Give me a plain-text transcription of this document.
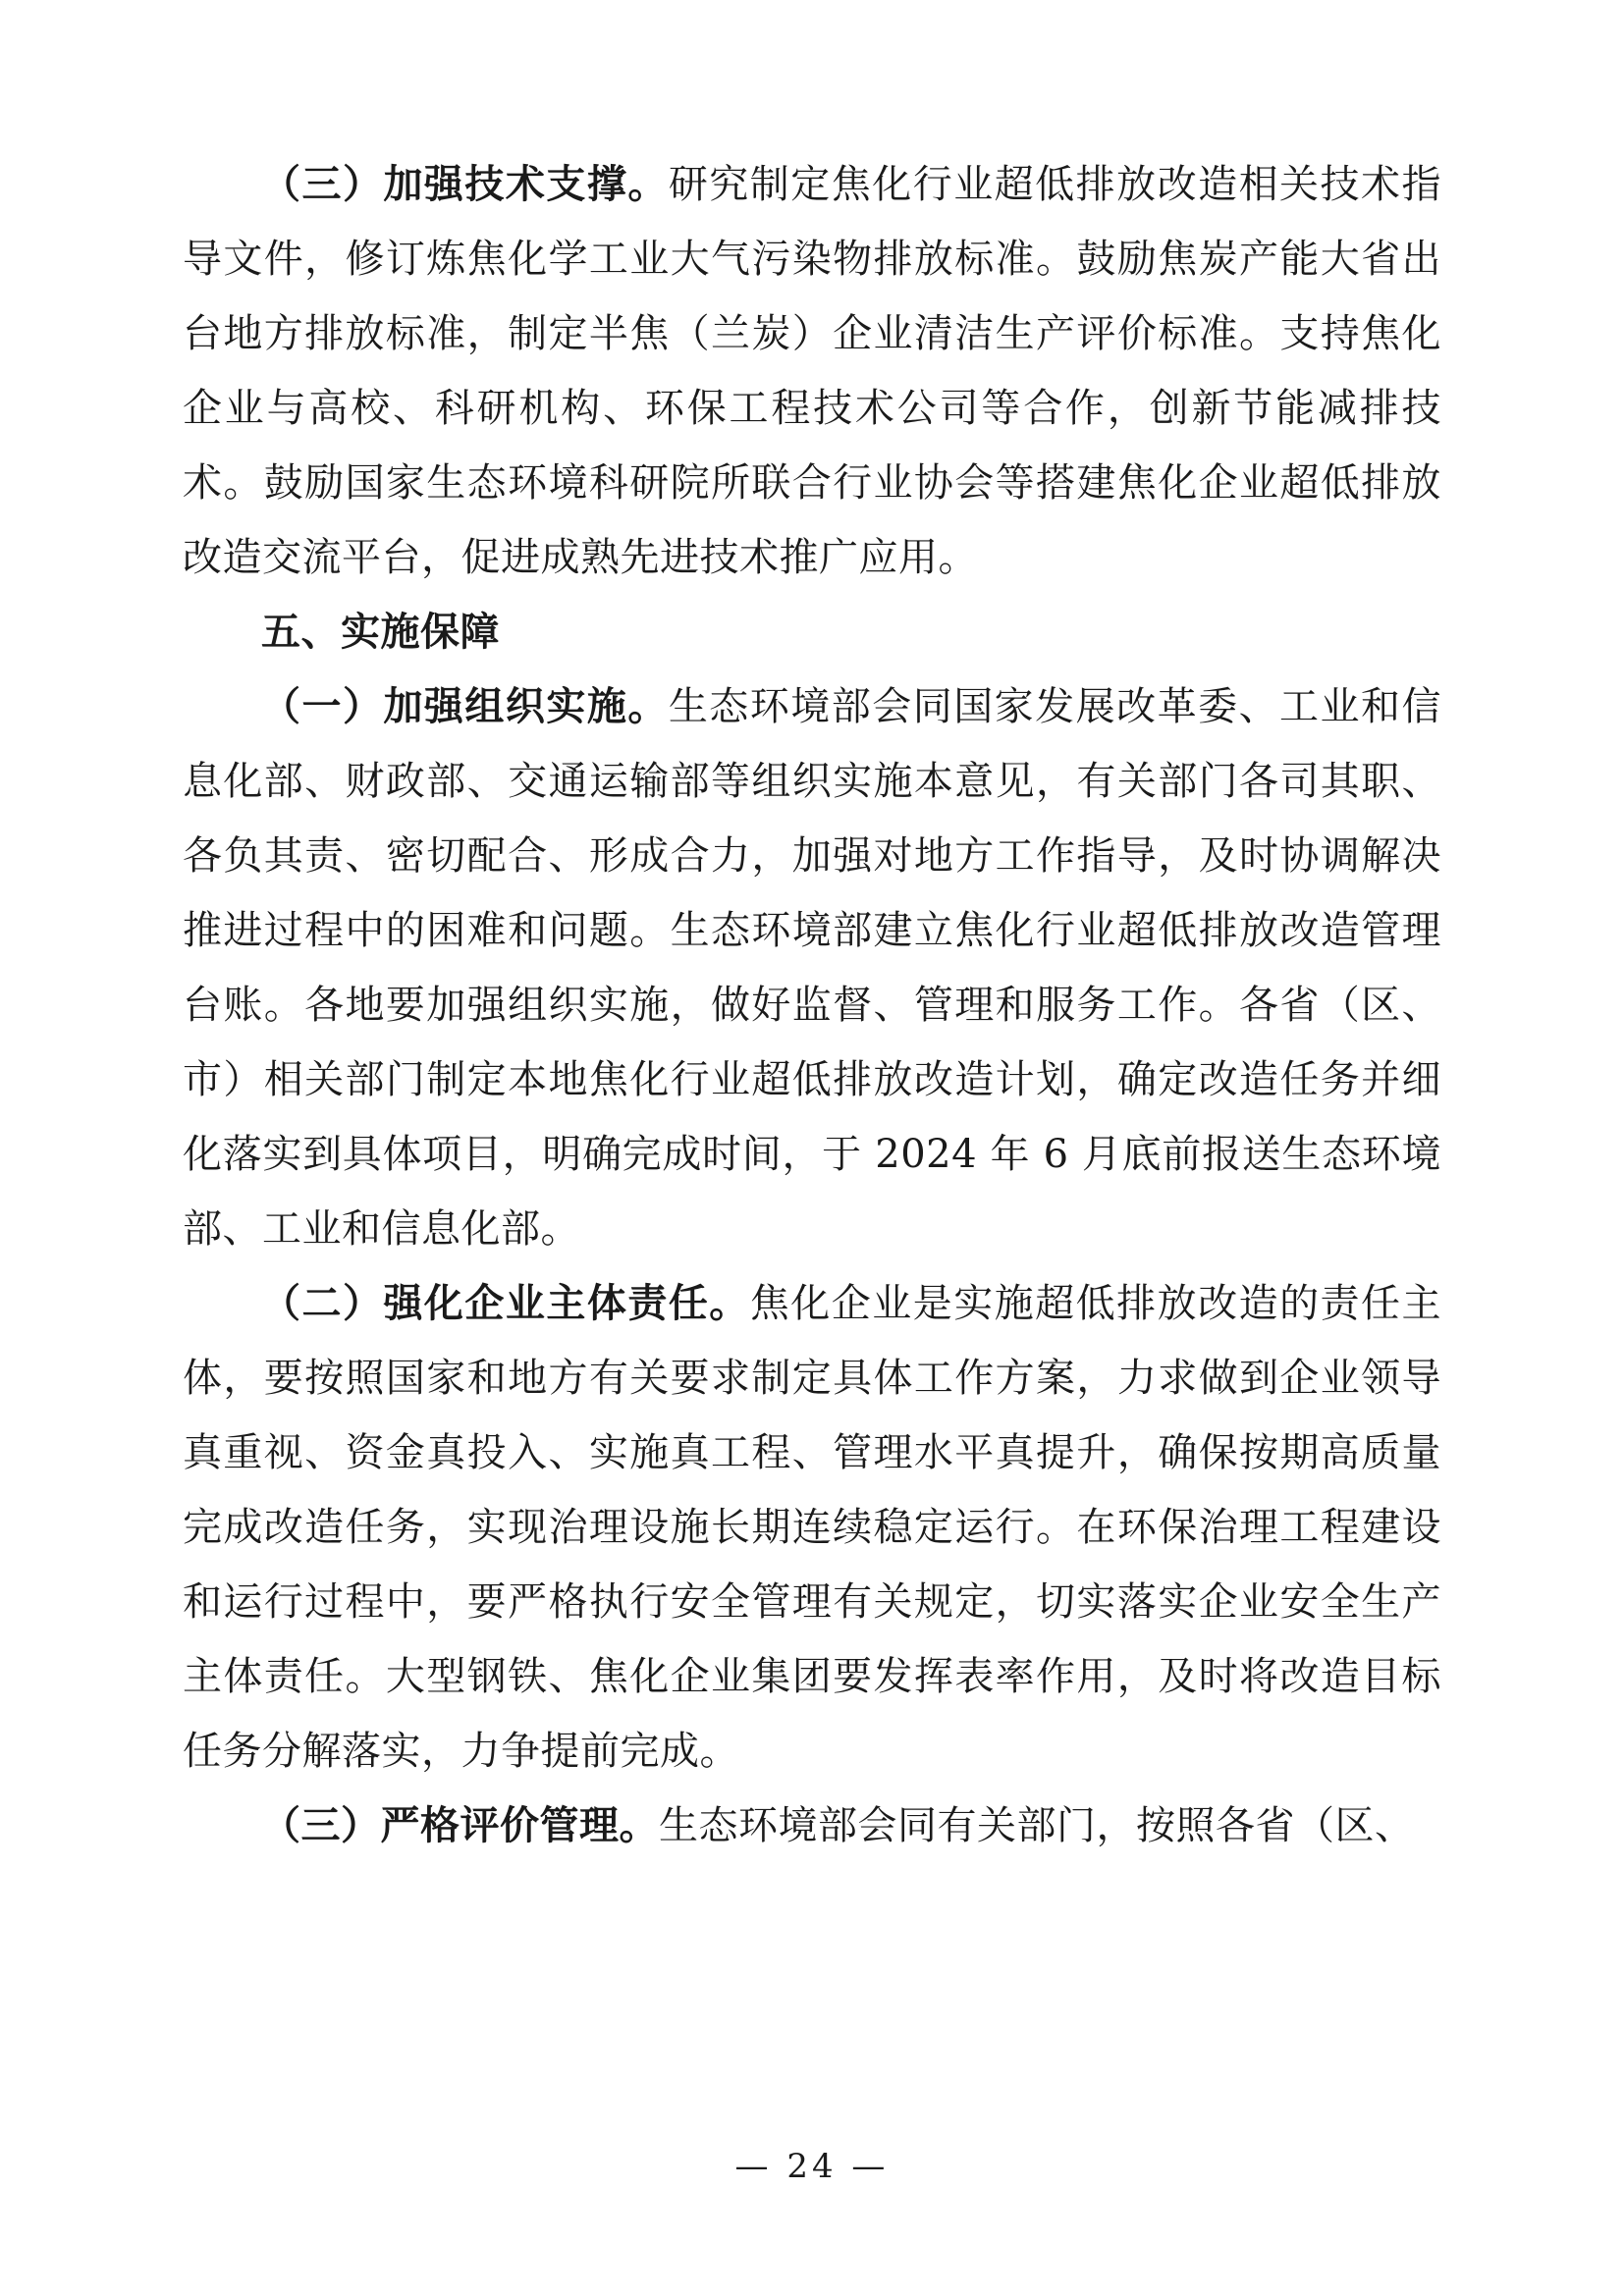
（三）加强技术支撑。研究制定焦化行业超低排放改造相关技术指导文件，修订炼焦化学工业大气污染物排放标准。鼓励焦炭产能大省出台地方排放标准，制定半焦（兰炭）企业清洁生产评价标准。支持焦化企业与高校、科研机构、环保工程技术公司等合作，创新节能减排技术。鼓励国家生态环境科研院所联合行业协会等搭建焦化企业超低排放改造交流平台，促进成熟先进技术推广应用。

五、实施保障

（一）加强组织实施。生态环境部会同国家发展改革委、工业和信息化部、财政部、交通运输部等组织实施本意见，有关部门各司其职、各负其责、密切配合、形成合力，加强对地方工作指导，及时协调解决推进过程中的困难和问题。生态环境部建立焦化行业超低排放改造管理台账。各地要加强组织实施，做好监督、管理和服务工作。各省（区、市）相关部门制定本地焦化行业超低排放改造计划，确定改造任务并细化落实到具体项目，明确完成时间，于 2024 年 6 月底前报送生态环境部、工业和信息化部。

（二）强化企业主体责任。焦化企业是实施超低排放改造的责任主体，要按照国家和地方有关要求制定具体工作方案，力求做到企业领导真重视、资金真投入、实施真工程、管理水平真提升，确保按期高质量完成改造任务，实现治理设施长期连续稳定运行。在环保治理工程建设和运行过程中，要严格执行安全管理有关规定，切实落实企业安全生产主体责任。大型钢铁、焦化企业集团要发挥表率作用，及时将改造目标任务分解落实，力争提前完成。

（三）严格评价管理。生态环境部会同有关部门，按照各省（区、

— 24 —
